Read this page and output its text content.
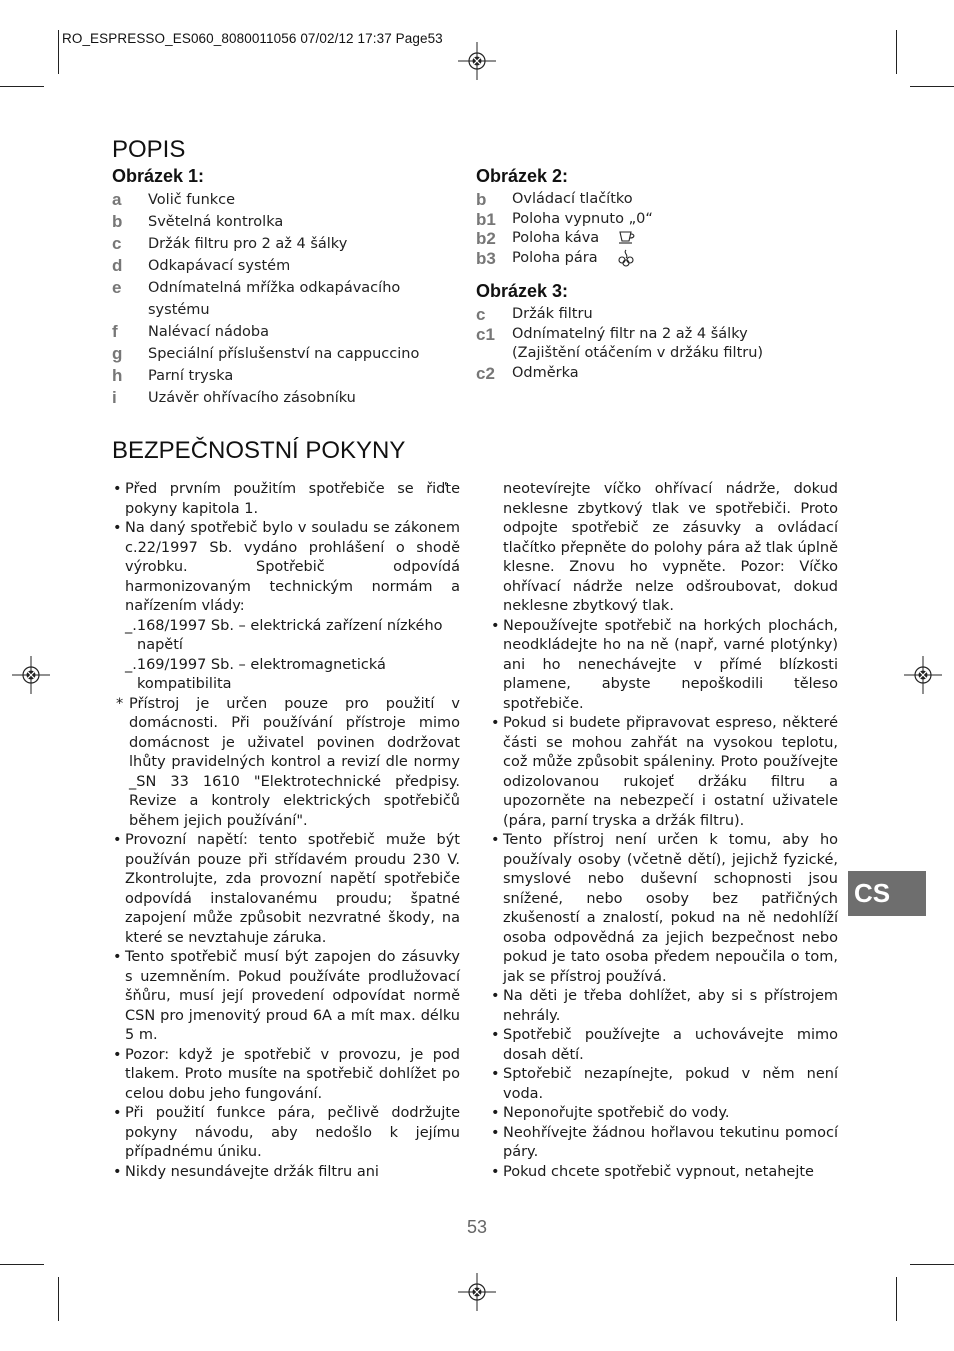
RO_ESPRESSO_ES060_8080011056 07/02/12 17:37 Page53
POPIS
Obrázek 1:
a	Volič funkce
b	Světelná kontrolka
c	Držák filtru pro 2 až 4 šálky
d	Odkapávací systém
e	Odnímatelná mřížka odkapávacího systému
f	Nalévací nádoba
g	Speciální příslušenství na cappuccino
h	Parní tryska
i	Uzávěr ohřívacího zásobníku
Obrázek 2:
b	Ovládací tlačítko
b1	Poloha vypnuto „0“
b2	Poloha káva
b3	Poloha pára
Obrázek 3:
c	Držák filtru
c1	Odnímatelný filtr na 2 až 4 šálky
(Zajištění otáčením v držáku filtru)
c2	Odměrka
BEZPEČNOSTNÍ POKYNY
• Před prvním použitím spotřebiče se řiďte pokyny kapitola 1.
• Na daný spotřebič bylo v souladu se zákonem c.22/1997 Sb. vydáno prohlášení o shodě výrobku. Spotřebič odpovídá harmonizovaným technickým normám a nařízením vlády:
_.168/1997 Sb. – elektrická zařízení nízkého
napětí
_.169/1997 Sb. – elektromagnetická
kompatibilita
* Přístroj je určen pouze pro použití v domácnosti. Při používání přístroje mimo domácnost je uživatel povinen dodržovat lhůty pravidelných kontrol a revizí dle normy _SN 33 1610 "Elektrotechnické předpisy. Revize a kontroly elektrických spotřebičů během jejich používání".
• Provozní napětí: tento spotřebič muže být používán pouze při střídavém proudu 230 V. Zkontrolujte, zda provozní napětí spotřebiče odpovídá instalovanému proudu; špatné zapojení může způsobit nezvratné škody, na které se nevztahuje záruka.
• Tento spotřebič musí být zapojen do zásuvky s uzemněním. Pokud používáte prodlužovací šňůru, musí její provedení odpovídat normě CSN pro jmenovitý proud 6A a mít max. délku 5 m.
• Pozor: když je spotřebič v provozu, je pod tlakem. Proto musíte na spotřebič dohlížet po celou dobu jeho fungování.
• Při použití funkce pára, pečlivě dodržujte pokyny návodu, aby nedošlo k jejímu případnému úniku.
• Nikdy nesundávejte držák filtru ani
neotevírejte víčko ohřívací nádrže, dokud neklesne zbytkový tlak ve spotřebiči. Proto odpojte spotřebič ze zásuvky a ovládací tlačítko přepněte do polohy pára až tlak úplně klesne. Znovu ho vypněte. Pozor: Víčko ohřívací nádrže nelze odšroubovat, dokud neklesne zbytkový tlak.
• Nepoužívejte spotřebič na horkých plochách, neodkládejte ho na ně (např, varné plotýnky) ani ho nenechávejte v přímé blízkosti plamene, abyste nepoškodili těleso spotřebiče.
• Pokud si budete připravovat espreso, některé části se mohou zahřát na vysokou teplotu, což může způsobit spáleniny. Proto používejte odizolovanou rukojeť držáku filtru a upozorněte na nebezpečí i ostatní uživatele (pára, parní tryska a držák filtru).
• Tento přístroj není určen k tomu, aby ho používaly osoby (včetně dětí), jejichž fyzické, smyslové nebo duševní schopnosti jsou snížené, nebo osoby bez patřičných zkušeností a znalostí, pokud na ně nedohlíží osoba odpovědná za jejich bezpečnost nebo pokud je tato osoba předem nepoučila o tom, jak se přístroj používá.
• Na děti je třeba dohlížet, aby si s přístrojem nehrály.
• Spotřebič používejte a uchovávejte mimo dosah dětí.
• Sptořebič nezapínejte, pokud v něm není voda.
• Neponořujte spotřebič do vody.
• Neohřívejte žádnou hořlavou tekutinu pomocí páry.
• Pokud chcete spotřebič vypnout, netahejte
CS
53
